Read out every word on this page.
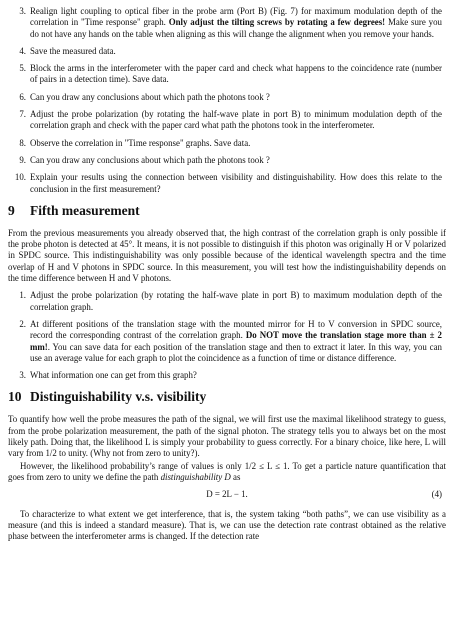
3. Realign light coupling to optical fiber in the probe arm (Port B) (Fig. 7) for maximum modulation depth of the correlation in "Time response" graph. Only adjust the tilting screws by rotating a few degrees! Make sure you do not have any hands on the table when aligning as this will change the alignment when you remove your hands.
4. Save the measured data.
5. Block the arms in the interferometer with the paper card and check what happens to the coincidence rate (number of pairs in a detection time). Save data.
6. Can you draw any conclusions about which path the photons took ?
7. Adjust the probe polarization (by rotating the half-wave plate in port B) to minimum modulation depth of the correlation graph and check with the paper card what path the photons took in the interferometer.
8. Observe the correlation in "Time response" graphs. Save data.
9. Can you draw any conclusions about which path the photons took ?
10. Explain your results using the connection between visibility and distinguishability. How does this relate to the conclusion in the first measurement?
9 Fifth measurement

From the previous measurements you already observed that, the high contrast of the correlation graph is only possible if the probe photon is detected at 45°. It means, it is not possible to distinguish if this photon was originally H or V polarized in SPDC source. This indistinguishability was only possible because of the identical wavelength spectra and the time overlap of H and V photons in SPDC source. In this measurement, you will test how the indistinguishability depends on the time difference between H and V photons.

1. Adjust the probe polarization (by rotating the half-wave plate in port B) to maximum modulation depth of the correlation graph.
2. At different positions of the translation stage with the mounted mirror for H to V conversion in SPDC source, record the corresponding contrast of the correlation graph. Do NOT move the translation stage more than ± 2 mm!. You can save data for each position of the translation stage and then to extract it later. In this way, you can use an average value for each graph to plot the coincidence as a function of time or distance difference.
3. What information one can get from this graph?
10 Distinguishability v.s. visibility

To quantify how well the probe measures the path of the signal, we will first use the maximal likelihood strategy to guess, from the probe polarization measurement, the path of the signal photon. The strategy tells you to always bet on the most likely path. Doing that, the likelihood L is simply your probability to guess correctly. For a binary choice, like here, L will vary from 1/2 to unity. (Why not from zero to unity?).

However, the likelihood probability’s range of values is only 1/2 ≤ L ≤ 1. To get a particle nature quantification that goes from zero to unity we define the path distinguishability D as

D = 2L − 1.	(4)

To characterize to what extent we get interference, that is, the system taking “both paths”, we can use visibility as a measure (and this is indeed a standard measure). That is, we can use the detection rate contrast obtained as the relative phase between the interferometer arms is changed. If the detection rate
